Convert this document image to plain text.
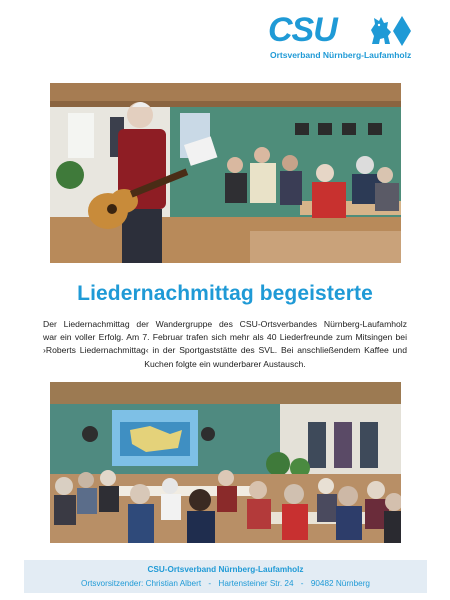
CSU
Ortsverband Nürnberg-Laufamholz
Liedernachmittag begeisterte
Der Liedernachmittag der Wandergruppe des CSU-Ortsverbandes Nürnberg-Laufamholz
war ein voller Erfolg. Am 7. Februar trafen sich mehr als 40 Liederfreunde zum Mitsingen bei
›Roberts Liedernachmittag‹ in der Sportgaststätte des SVL. Bei anschließendem Kaffee und
Kuchen folgte ein wunderbarer Austausch.
CSU-Ortsverband Nürnberg-Laufamholz
Ortsvorsitzender: Christian Albert - Hartensteiner Str. 24 - 90482 Nürnberg
